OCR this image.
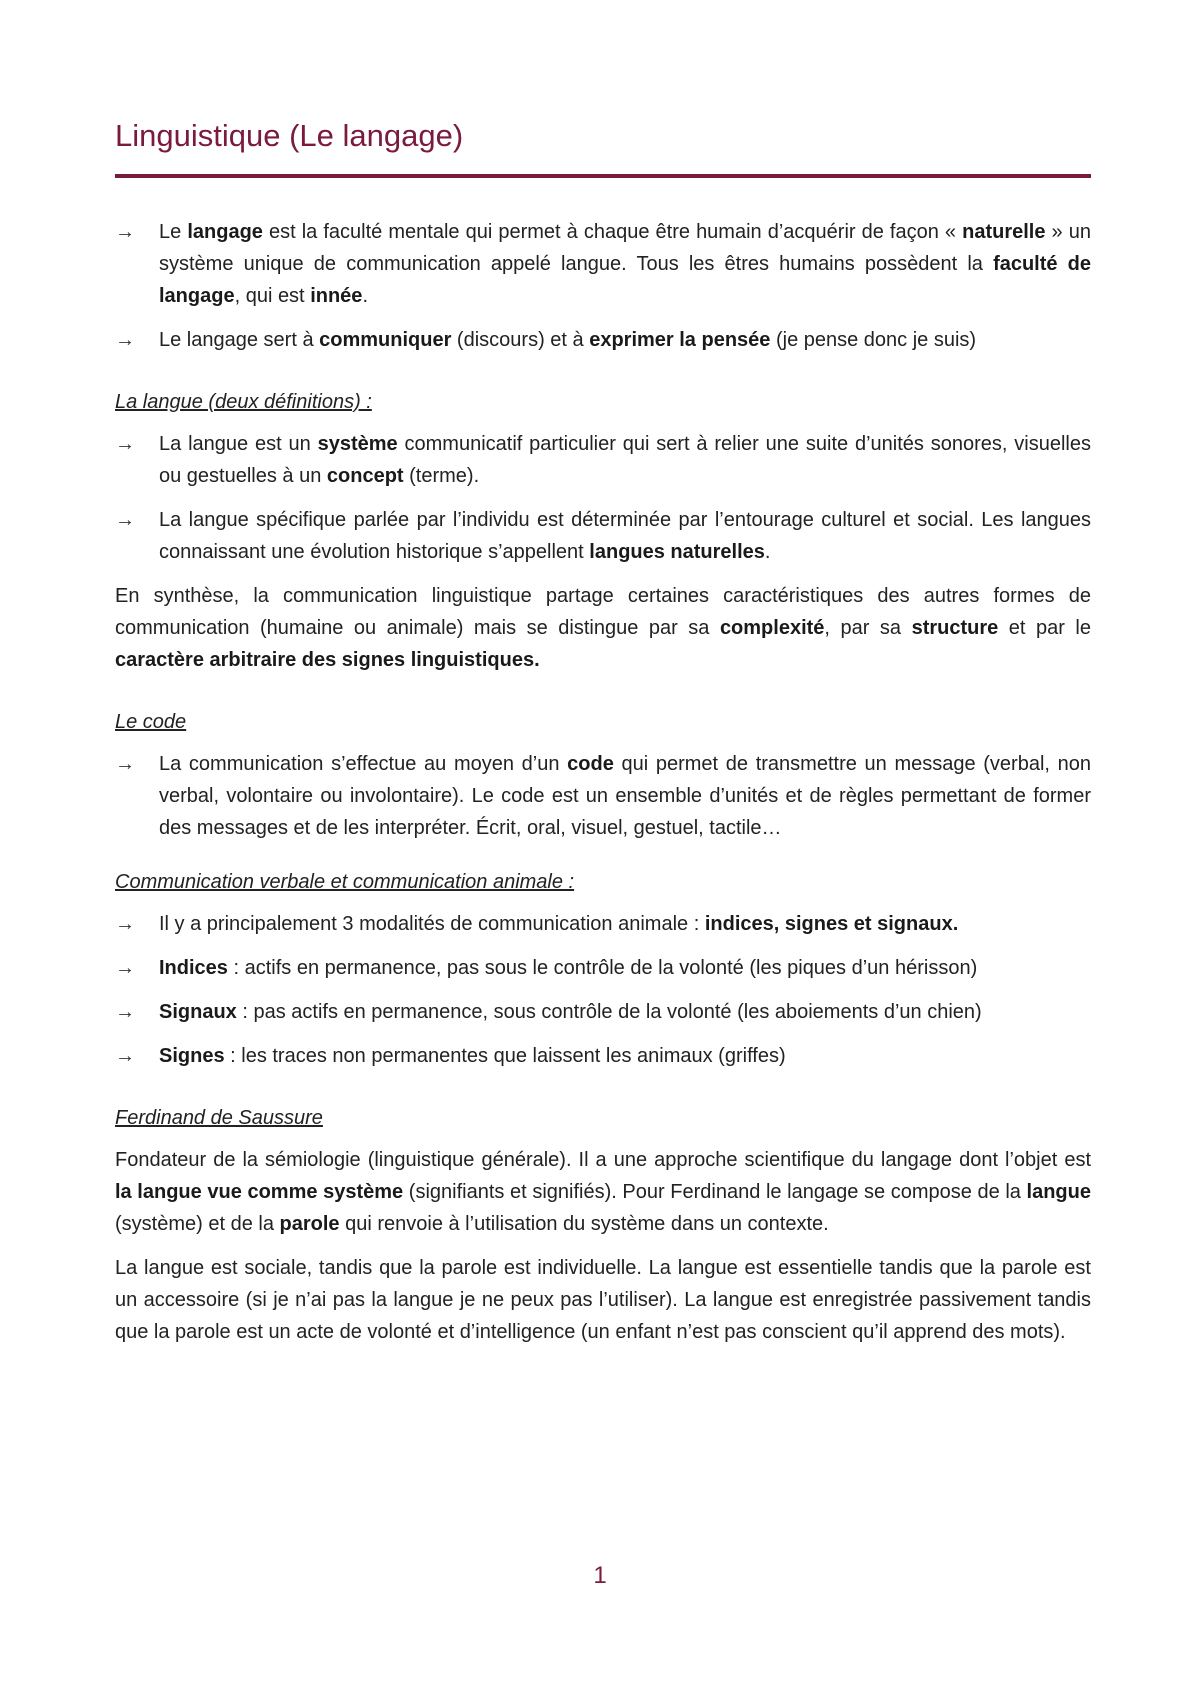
Linguistique (Le langage)
→ Le langage est la faculté mentale qui permet à chaque être humain d’acquérir de façon « naturelle » un système unique de communication appelé langue. Tous les êtres humains possèdent la faculté de langage, qui est innée.
→ Le langage sert à communiquer (discours) et à exprimer la pensée (je pense donc je suis)
La langue (deux définitions) :
→ La langue est un système communicatif particulier qui sert à relier une suite d’unités sonores, visuelles ou gestuelles à un concept (terme).
→ La langue spécifique parlée par l’individu est déterminée par l’entourage culturel et social. Les langues connaissant une évolution historique s’appellent langues naturelles.
En synthèse, la communication linguistique partage certaines caractéristiques des autres formes de communication (humaine ou animale) mais se distingue par sa complexité, par sa structure et par le caractère arbitraire des signes linguistiques.
Le code
→ La communication s’effectue au moyen d’un code qui permet de transmettre un message (verbal, non verbal, volontaire ou involontaire). Le code est un ensemble d’unités et de règles permettant de former des messages et de les interpréter. Écrit, oral, visuel, gestuel, tactile…
Communication verbale et communication animale :
→ Il y a principalement 3 modalités de communication animale : indices, signes et signaux.
→ Indices : actifs en permanence, pas sous le contrôle de la volonté (les piques d’un hérisson)
→ Signaux : pas actifs en permanence, sous contrôle de la volonté (les aboiements d’un chien)
→ Signes : les traces non permanentes que laissent les animaux (griffes)
Ferdinand de Saussure
Fondateur de la sémiologie (linguistique générale). Il a une approche scientifique du langage dont l’objet est la langue vue comme système (signifiants et signifiés). Pour Ferdinand le langage se compose de la langue (système) et de la parole qui renvoie à l’utilisation du système dans un contexte.
La langue est sociale, tandis que la parole est individuelle. La langue est essentielle tandis que la parole est un accessoire (si je n’ai pas la langue je ne peux pas l’utiliser). La langue est enregistrée passivement tandis que la parole est un acte de volonté et d’intelligence (un enfant n’est pas conscient qu’il apprend des mots).
1
